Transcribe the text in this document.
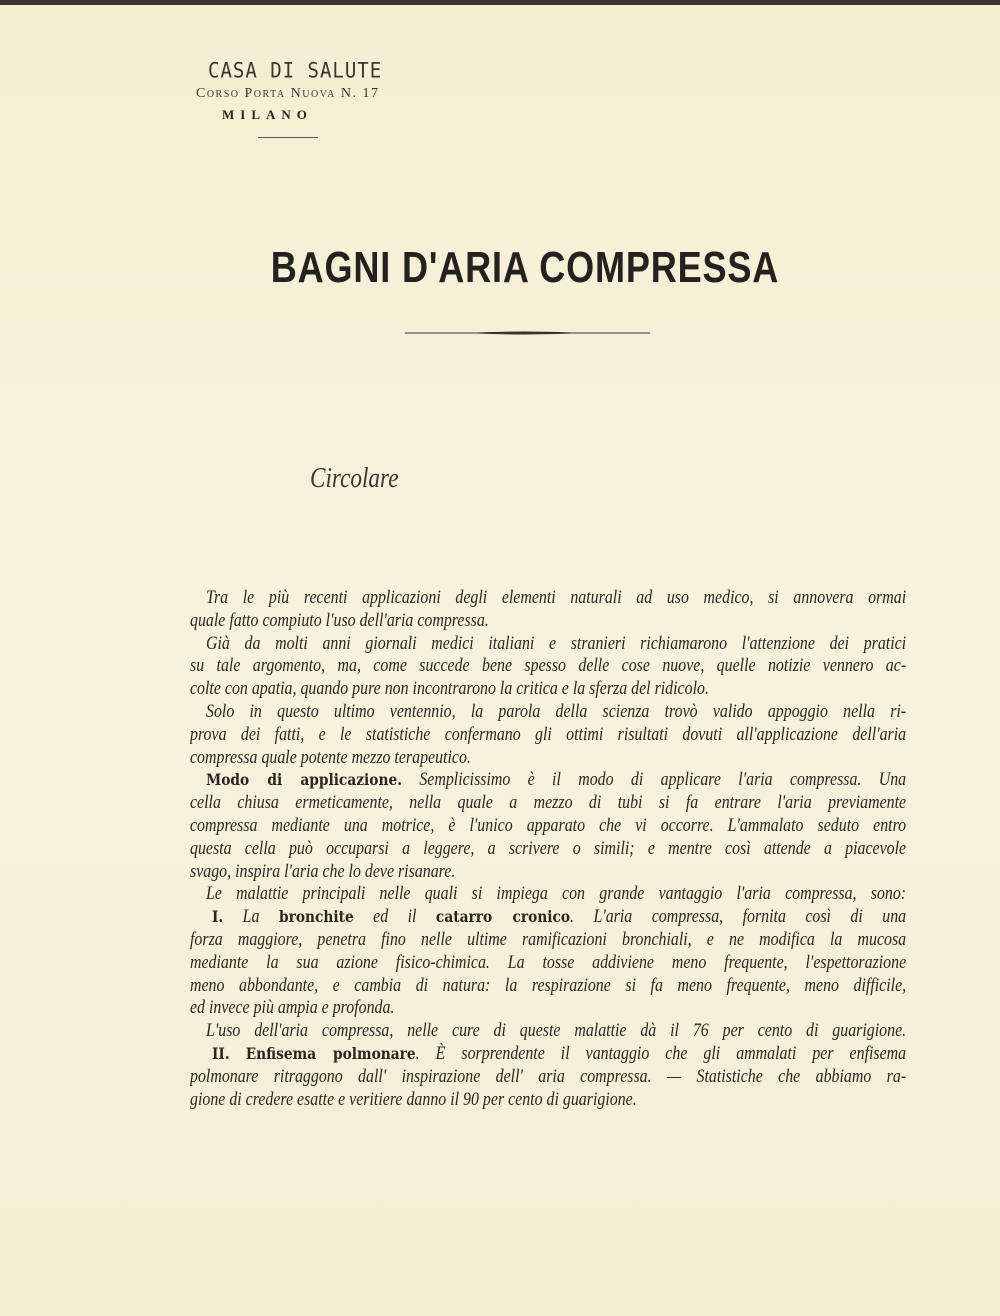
CASA DI SALUTE
Corso Porta Nuova N. 17
MILANO
BAGNI D'ARIA COMPRESSA
Circolare
Tra le più recenti applicazioni degli elementi naturali ad uso medico, si annovera ormai
quale fatto compiuto l'uso dell'aria compressa.
Già da molti anni giornali medici italiani e stranieri richiamarono l'attenzione dei pratici
su tale argomento, ma, come succede bene spesso delle cose nuove, quelle notizie vennero ac-
colte con apatia, quando pure non incontrarono la critica e la sferza del ridicolo.
Solo in questo ultimo ventennio, la parola della scienza trovò valido appoggio nella ri-
prova dei fatti, e le statistiche confermano gli ottimi risultati dovuti all'applicazione dell'aria
compressa quale potente mezzo terapeutico.
Modo di applicazione. Semplicissimo è il modo di applicare l'aria compressa. Una
cella chiusa ermeticamente, nella quale a mezzo di tubi si fa entrare l'aria previamente
compressa mediante una motrice, è l'unico apparato che vi occorre. L'ammalato seduto entro
questa cella può occuparsi a leggere, a scrivere o simili; e mentre così attende a piacevole
svago, inspira l'aria che lo deve risanare.
Le malattie principali nelle quali si impiega con grande vantaggio l'aria compressa, sono:
I. La bronchite ed il catarro cronico. L'aria compressa, fornita così di una
forza maggiore, penetra fino nelle ultime ramificazioni bronchiali, e ne modifica la mucosa
mediante la sua azione fisico-chimica. La tosse addiviene meno frequente, l'espettorazione
meno abbondante, e cambia di natura: la respirazione si fa meno frequente, meno difficile,
ed invece più ampia e profonda.
L'uso dell'aria compressa, nelle cure di queste malattie dà il 76 per cento di guarigione.
II. Enfisema polmonare. È sorprendente il vantaggio che gli ammalati per enfisema
polmonare ritraggono dall' inspirazione dell' aria compressa. — Statistiche che abbiamo ra-
gione di credere esatte e veritiere danno il 90 per cento di guarigione.
